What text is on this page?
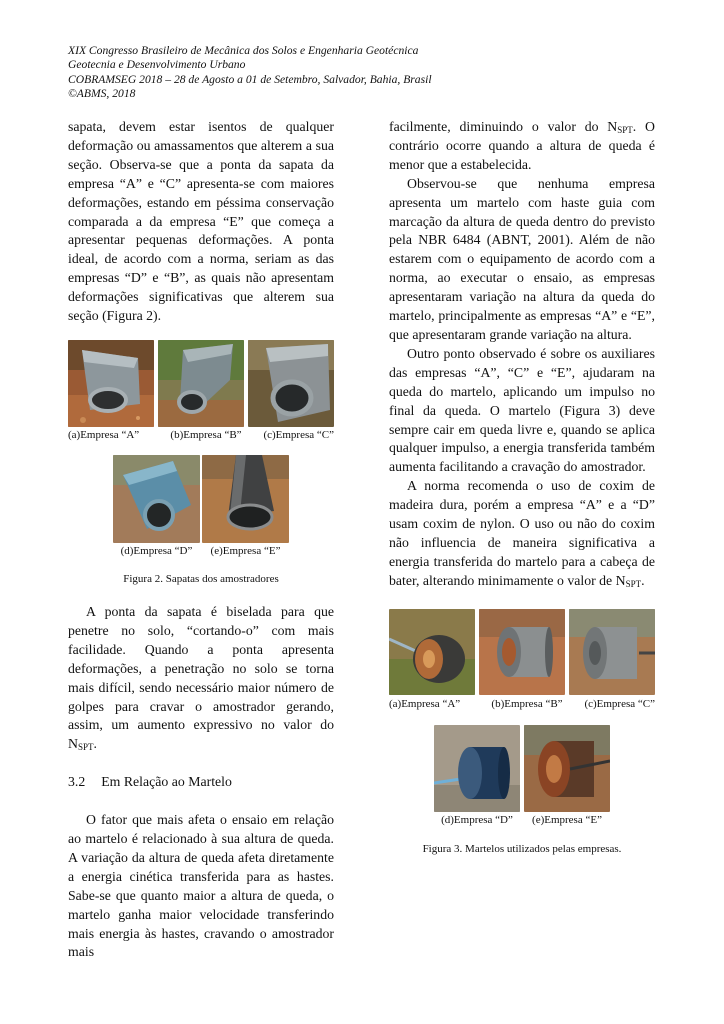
XIX Congresso Brasileiro de Mecânica dos Solos e Engenharia Geotécnica
Geotecnia e Desenvolvimento Urbano
COBRAMSEG 2018 – 28 de Agosto a 01 de Setembro, Salvador, Bahia, Brasil
©ABMS, 2018

sapata, devem estar isentos de qualquer deformação ou amassamentos que alterem a sua seção. Observa-se que a ponta da sapata da empresa “A” e “C” apresenta-se com maiores deformações, estando em péssima conservação comparada a da empresa “E” que começa a apresentar pequenas deformações. A ponta ideal, de acordo com a norma, seriam as das empresas “D” e “B”, as quais não apresentam deformações significativas que alterem sua seção (Figura 2).

(a)Empresa “A”	(b)Empresa “B”	(c)Empresa “C”
(d)Empresa “D”	(e)Empresa “E”
Figura 2. Sapatas dos amostradores

A ponta da sapata é biselada para que penetre no solo, “cortando-o” com mais facilidade. Quando a ponta apresenta deformações, a penetração no solo se torna mais difícil, sendo necessário maior número de golpes para cravar o amostrador gerando, assim, um aumento expressivo no valor do $N_{SPT}$.

3.2 Em Relação ao Martelo

O fator que mais afeta o ensaio em relação ao martelo é relacionado à sua altura de queda. A variação da altura de queda afeta diretamente a energia cinética transferida para as hastes. Sabe-se que quanto maior a altura de queda, o martelo ganha maior velocidade transferindo mais energia às hastes, cravando o amostrador mais

facilmente, diminuindo o valor do $N_{SPT}$. O contrário ocorre quando a altura de queda é menor que a estabelecida.

Observou-se que nenhuma empresa apresenta um martelo com haste guia com marcação da altura de queda dentro do previsto pela NBR 6484 (ABNT, 2001). Além de não estarem com o equipamento de acordo com a norma, ao executar o ensaio, as empresas apresentaram variação na altura da queda do martelo, principalmente as empresas “A” e “E”, que apresentaram grande variação na altura.

Outro ponto observado é sobre os auxiliares das empresas “A”, “C” e “E”, ajudaram na queda do martelo, aplicando um impulso no final da queda. O martelo (Figura 3) deve sempre cair em queda livre e, quando se aplica qualquer impulso, a energia transferida também aumenta facilitando a cravação do amostrador.

A norma recomenda o uso de coxim de madeira dura, porém a empresa “A” e a “D” usam coxim de nylon. O uso ou não do coxim não influencia de maneira significativa a energia transferida do martelo para a cabeça de bater, alterando minimamente o valor de $N_{SPT}$.

(a)Empresa “A”	(b)Empresa “B”	(c)Empresa “C”
(d)Empresa “D”	(e)Empresa “E”
Figura 3. Martelos utilizados pelas empresas.
